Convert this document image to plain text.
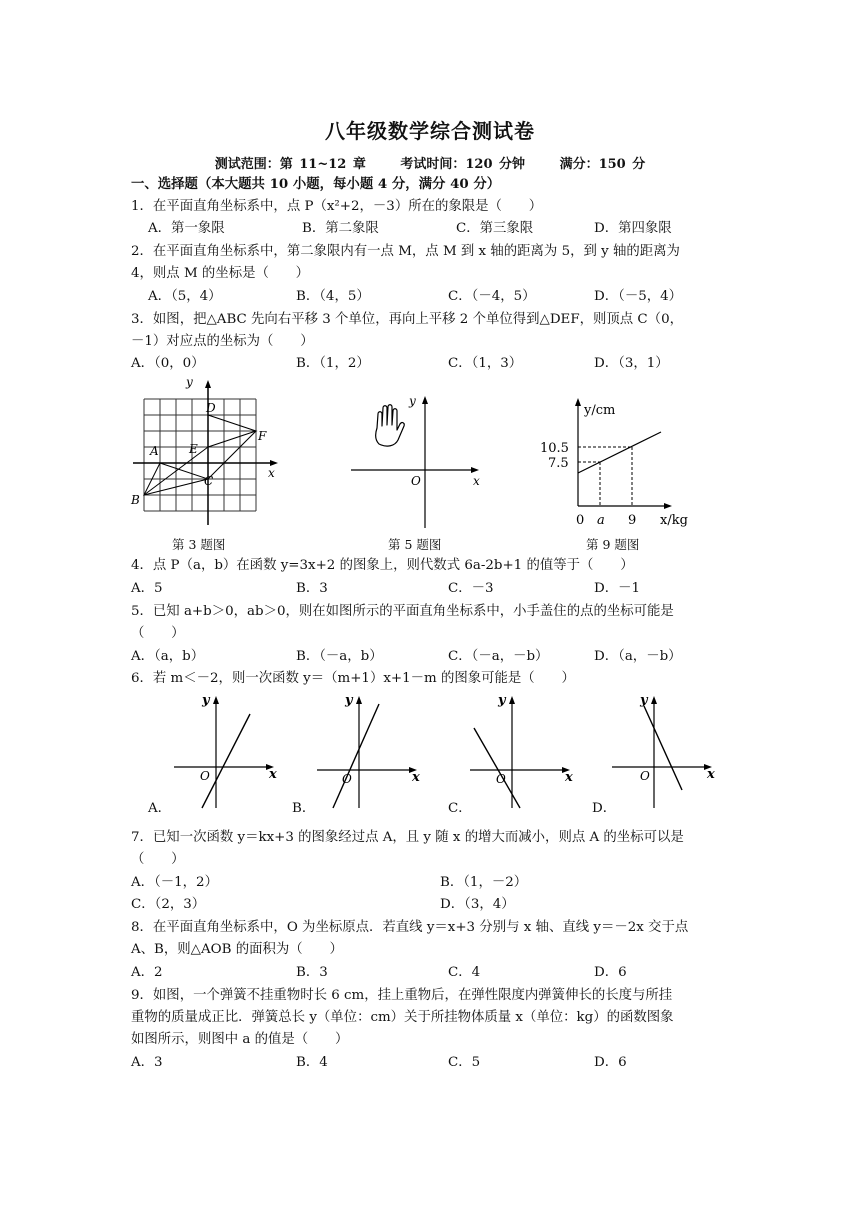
八年级数学综合测试卷
测试范围：第 11~12 章	考试时间：120 分钟	满分：150 分
一、选择题（本大题共 10 小题，每小题 4 分，满分 40 分）
1．在平面直角坐标系中，点 P（x²+2，－3）所在的象限是（　　）
A．第一象限	B．第二象限	C．第三象限	D．第四象限
2．在平面直角坐标系中，第二象限内有一点 M，点 M 到 x 轴的距离为 5，到 y 轴的距离为
4，则点 M 的坐标是（　　）
A．（5，4）	B．（4，5）	C．（－4，5）	D．（－5，4）
3．如图，把△ABC 先向右平移 3 个单位，再向上平移 2 个单位得到△DEF，则顶点 C（0，
－1）对应点的坐标为（　　）
A．（0，0）	B．（1，2）	C．（1，3）	D．（3，1）
y
x
A
B
C
D
E
F
第 3 题图
y
x
O
第 5 题图
y/cm
x/kg
10.5
7.5
0 a 9
第 9 题图
4．点 P（a，b）在函数 y=3x+2 的图象上，则代数式 6a-2b+1 的值等于（　　）
A．5	B．3	C．－3	D．－1
5．已知 a+b＞0，ab＞0，则在如图所示的平面直角坐标系中，小手盖住的点的坐标可能是
（　　）
A．（a，b）	B．（－a，b）	C．（－a，－b）	D．（a，－b）
6．若 m＜－2，则一次函数 y＝（m+1）x+1－m 的图象可能是（　　）
y
x
O
y
x
O
y
x
O
y
x
O
A．	B．	C．	D．
7．已知一次函数 y＝kx+3 的图象经过点 A，且 y 随 x 的增大而减小，则点 A 的坐标可以是
（　　）
A．（－1，2）	B．（1，－2）
C．（2，3）	D．（3，4）
8．在平面直角坐标系中，O 为坐标原点．若直线 y＝x+3 分别与 x 轴、直线 y＝－2x 交于点
A、B，则△AOB 的面积为（　　）
A．2	B．3	C．4	D．6
9．如图，一个弹簧不挂重物时长 6 cm，挂上重物后，在弹性限度内弹簧伸长的长度与所挂
重物的质量成正比．弹簧总长 y（单位：cm）关于所挂物体质量 x（单位：kg）的函数图象
如图所示，则图中 a 的值是（　　）
A．3	B．4	C．5	D．6
